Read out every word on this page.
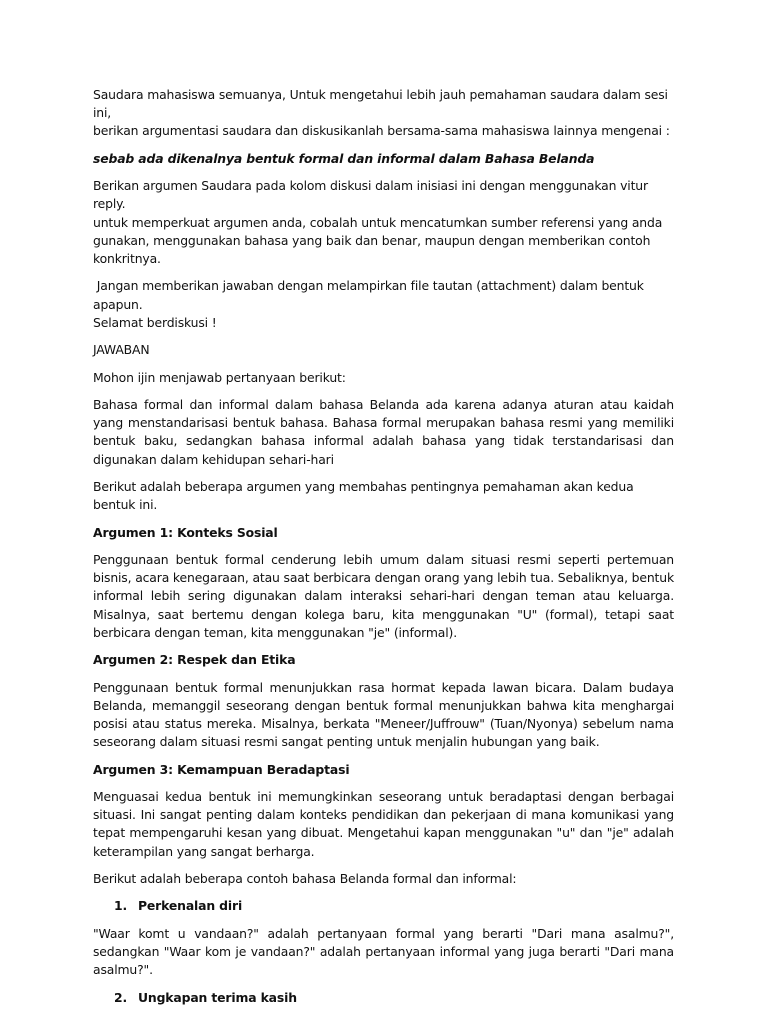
Saudara mahasiswa semuanya, Untuk mengetahui lebih jauh pemahaman saudara dalam sesi ini,
berikan argumentasi saudara dan diskusikanlah bersama-sama mahasiswa lainnya mengenai :

sebab ada dikenalnya bentuk formal dan informal dalam Bahasa Belanda

Berikan argumen Saudara pada kolom diskusi dalam inisiasi ini dengan menggunakan vitur reply.
untuk memperkuat argumen anda, cobalah untuk mencatumkan sumber referensi yang anda
gunakan, menggunakan bahasa yang baik dan benar, maupun dengan memberikan contoh
konkritnya.

Jangan memberikan jawaban dengan melampirkan file tautan (attachment) dalam bentuk apapun.
Selamat berdiskusi !

JAWABAN

Mohon ijin menjawab pertanyaan berikut:

Bahasa formal dan informal dalam bahasa Belanda ada karena adanya aturan atau kaidah yang menstandarisasi bentuk bahasa. Bahasa formal merupakan bahasa resmi yang memiliki bentuk baku, sedangkan bahasa informal adalah bahasa yang tidak terstandarisasi dan digunakan dalam kehidupan sehari-hari

Berikut adalah beberapa argumen yang membahas pentingnya pemahaman akan kedua bentuk ini.

Argumen 1: Konteks Sosial

Penggunaan bentuk formal cenderung lebih umum dalam situasi resmi seperti pertemuan bisnis, acara kenegaraan, atau saat berbicara dengan orang yang lebih tua. Sebaliknya, bentuk informal lebih sering digunakan dalam interaksi sehari-hari dengan teman atau keluarga. Misalnya, saat bertemu dengan kolega baru, kita menggunakan "U" (formal), tetapi saat berbicara dengan teman, kita menggunakan "je" (informal).

Argumen 2: Respek dan Etika

Penggunaan bentuk formal menunjukkan rasa hormat kepada lawan bicara. Dalam budaya Belanda, memanggil seseorang dengan bentuk formal menunjukkan bahwa kita menghargai posisi atau status mereka. Misalnya, berkata "Meneer/Juffrouw" (Tuan/Nyonya) sebelum nama seseorang dalam situasi resmi sangat penting untuk menjalin hubungan yang baik.

Argumen 3: Kemampuan Beradaptasi

Menguasai kedua bentuk ini memungkinkan seseorang untuk beradaptasi dengan berbagai situasi. Ini sangat penting dalam konteks pendidikan dan pekerjaan di mana komunikasi yang tepat mempengaruhi kesan yang dibuat. Mengetahui kapan menggunakan "u" dan "je" adalah keterampilan yang sangat berharga.

Berikut adalah beberapa contoh bahasa Belanda formal dan informal:

1. Perkenalan diri

"Waar komt u vandaan?" adalah pertanyaan formal yang berarti "Dari mana asalmu?", sedangkan "Waar kom je vandaan?" adalah pertanyaan informal yang juga berarti "Dari mana asalmu?".

2. Ungkapan terima kasih
